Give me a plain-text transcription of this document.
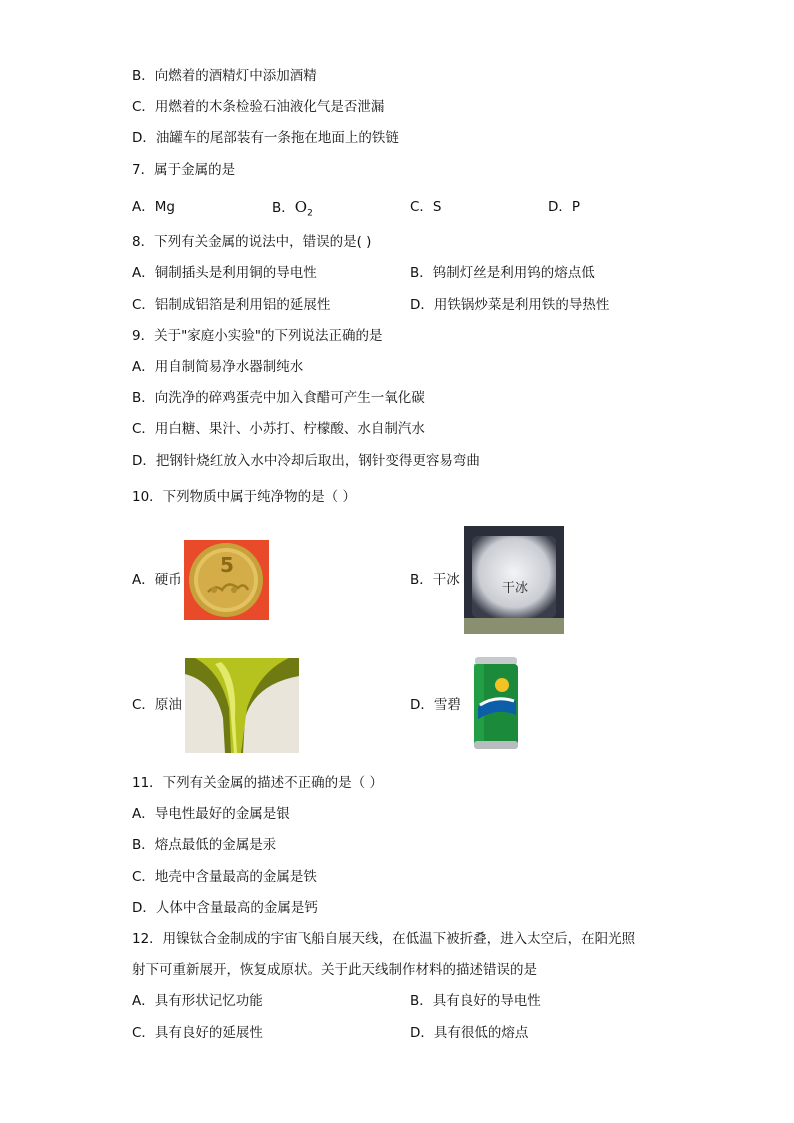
B．向燃着的酒精灯中添加酒精
C．用燃着的木条检验石油液化气是否泄漏
D．油罐车的尾部装有一条拖在地面上的铁链
7．属于金属的是
A．Mg	B．$O_2$	C．S	D．P
8．下列有关金属的说法中，错误的是( )
A．铜制插头是利用铜的导电性	B．钨制灯丝是利用钨的熔点低
C．铝制成铝箔是利用铝的延展性	D．用铁锅炒菜是利用铁的导热性
9．关于"家庭小实验"的下列说法正确的是
A．用自制简易净水器制纯水
B．向洗净的碎鸡蛋壳中加入食醋可产生一氧化碳
C．用白糖、果汁、小苏打、柠檬酸、水自制汽水
D．把钢针烧红放入水中冷却后取出，钢针变得更容易弯曲
10．下列物质中属于纯净物的是（ ）
A．硬币
5
B．干冰
干冰
C．原油	D．雪碧
11．下列有关金属的描述不正确的是（ ）
A．导电性最好的金属是银
B．熔点最低的金属是汞
C．地壳中含量最高的金属是铁
D．人体中含量最高的金属是钙
12．用镍钛合金制成的宇宙飞船自展天线，在低温下被折叠，进入太空后，在阳光照
射下可重新展开，恢复成原状。关于此天线制作材料的描述错误的是
A．具有形状记忆功能	B．具有良好的导电性
C．具有良好的延展性	D．具有很低的熔点
